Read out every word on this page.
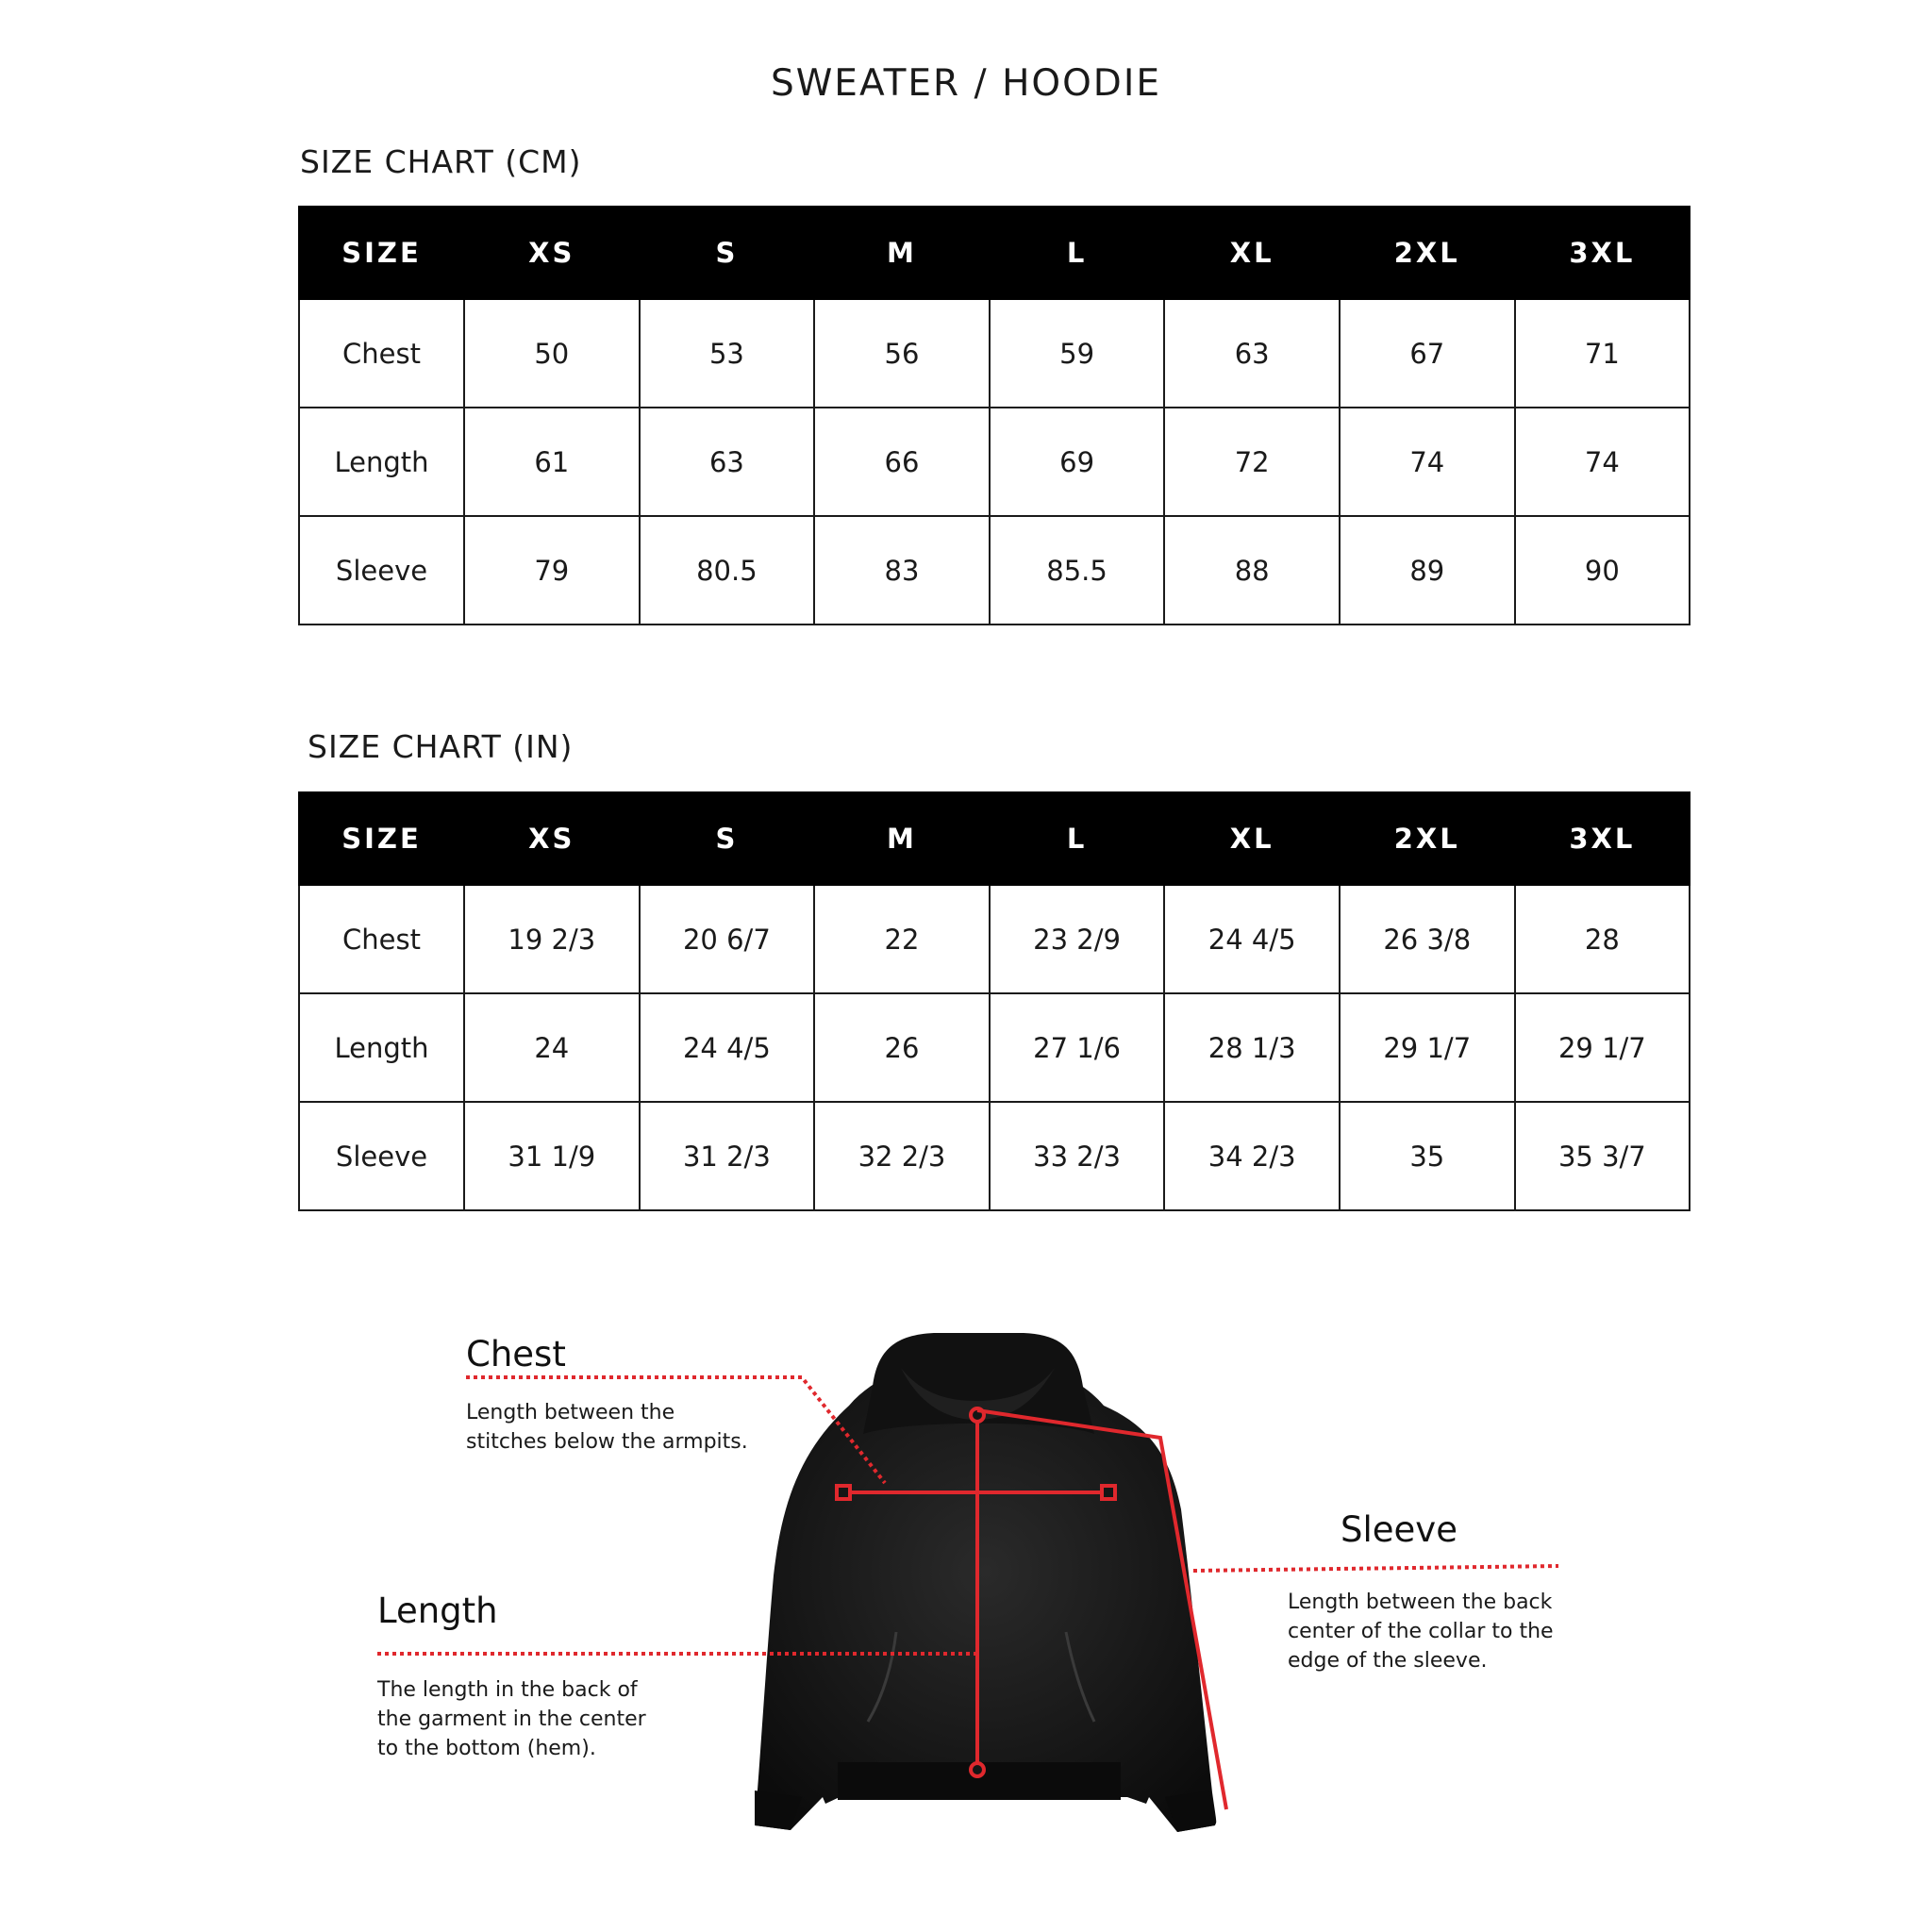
SWEATER / HOODIE
SIZE CHART (CM)
SIZE	XS	S	M	L	XL	2XL	3XL
Chest	50	53	56	59	63	67	71
Length	61	63	66	69	72	74	74
Sleeve	79	80.5	83	85.5	88	89	90
SIZE CHART (IN)
SIZE	XS	S	M	L	XL	2XL	3XL
Chest	19 2/3	20 6/7	22	23 2/9	24 4/5	26 3/8	28
Length	24	24 4/5	26	27 1/6	28 1/3	29 1/7	29 1/7
Sleeve	31 1/9	31 2/3	32 2/3	33 2/3	34 2/3	35	35 3/7
Chest
Length between the
stitches below the armpits.
Length
The length in the back of
the garment in the center
to the bottom (hem).
Sleeve
Length between the back
center of the collar to the
edge of the sleeve.
